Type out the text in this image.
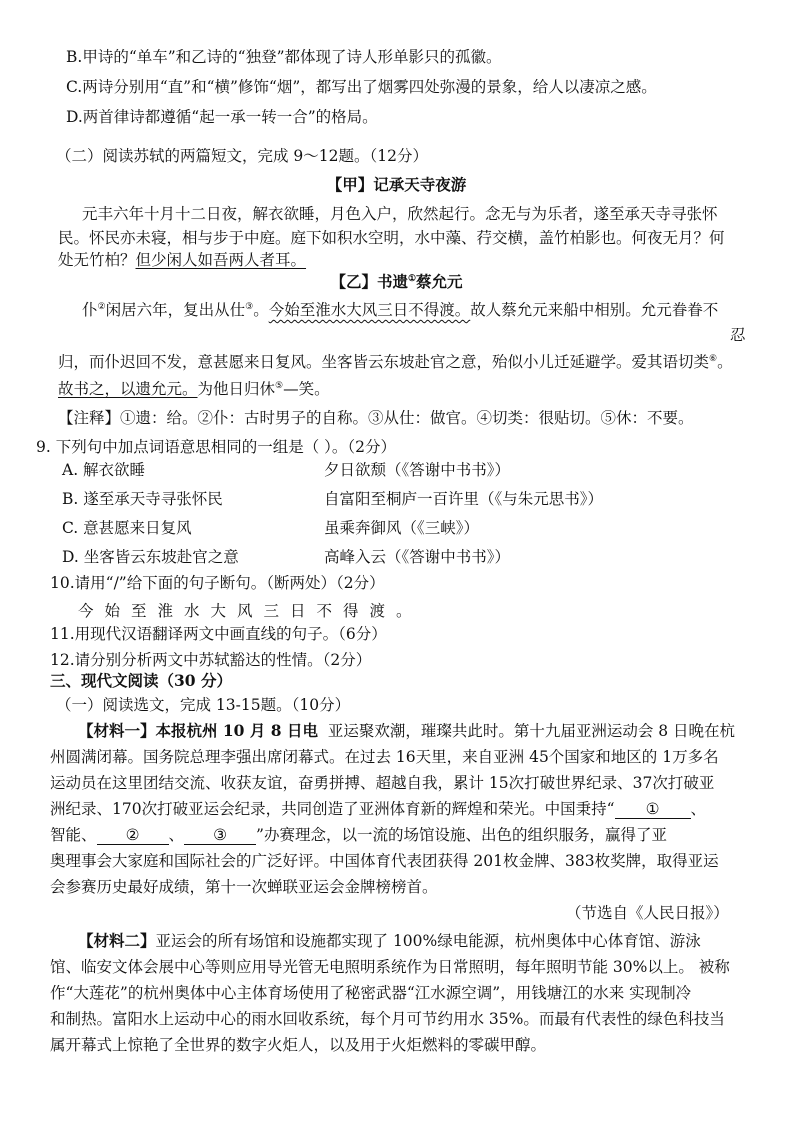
B.甲诗的“单车”和乙诗的“独登”都体现了诗人形单影只的孤徽。
C.两诗分别用“直”和“横”修饰“烟”，都写出了烟雾四处弥漫的景象，给人以凄凉之感。
D.两首律诗都遵循“起一承一转一合”的格局。
（二）阅读苏轼的两篇短文，完成 9～12题。（12分）
【甲】记承天寺夜游
元丰六年十月十二日夜，解衣欲睡，月色入户，欣然起行。念无与为乐者，遂至承天寺寻张怀
民。怀民亦未寝，相与步于中庭。庭下如积水空明，水中藻、荇交横，盖竹柏影也。何夜无月？何
处无竹柏？但少闲人如吾两人者耳。
【乙】书遗①蔡允元
仆②闲居六年，复出从仕③。今始至淮水大风三日不得渡。故人蔡允元来船中相别。允元眷眷不
忍
归，而仆迟回不发，意甚愿来日复风。坐客皆云东坡赴官之意，殆似小儿迁延避学。爱其语切类⑥。
故书之，以遗允元。为他日归休⑤—笑。
【注释】①遗：给。②仆：古时男子的自称。③从仕：做官。④切类：很贴切。⑤休：不要。
9. 下列句中加点词语意思相同的一组是（ ）。（2分）
A. 解衣欲睡	夕日欲颓（《答谢中书书》）
B. 遂至承天寺寻张怀民	自富阳至桐庐一百许里（《与朱元思书》）
C. 意甚愿来日复风	虽乘奔御风（《三峡》）
D. 坐客皆云东坡赴官之意	高峰入云（《答谢中书书》）
10.请用“/”给下面的句子断句。（断两处）（2分）
今始至淮水大风三日不得渡。
11.用现代汉语翻译两文中画直线的句子。（6分）
12.请分别分析两文中苏轼豁达的性情。（2分）
三、现代文阅读（30 分）
（一）阅读选文，完成 13-15题。（10分）
【材料一】本报杭州 10 月 8 日电 亚运聚欢潮，璀璨共此时。第十九届亚洲运动会 8 日晚在杭
州圆满闭幕。国务院总理李强出席闭幕式。在过去 16天里，来自亚洲 45个国家和地区的 1万多名
运动员在这里团结交流、收获友谊，奋勇拼搏、超越自我，累计 15次打破世界纪录、37次打破亚
洲纪录、170次打破亚运会纪录，共同创造了亚洲体育新的辉煌和荣光。中国秉持“ ① 、
智能、 ② 、 ③ ”办赛理念，以一流的场馆设施、出色的组织服务，赢得了亚
奥理事会大家庭和国际社会的广泛好评。中国体育代表团获得 201枚金牌、383枚奖牌，取得亚运
会参赛历史最好成绩，第十一次蝉联亚运会金牌榜榜首。
（节选自《人民日报》）
【材料二】亚运会的所有场馆和设施都实现了 100%绿电能源，杭州奥体中心体育馆、游泳
馆、临安文体会展中心等则应用导光管无电照明系统作为日常照明，每年照明节能 30%以上。 被称
作“大莲花”的杭州奥体中心主体育场使用了秘密武器“江水源空调”，用钱塘江的水来 实现制冷
和制热。富阳水上运动中心的雨水回收系统，每个月可节约用水 35%。而最有代表性的绿色科技当
属开幕式上惊艳了全世界的数字火炬人，以及用于火炬燃料的零碳甲醇。
